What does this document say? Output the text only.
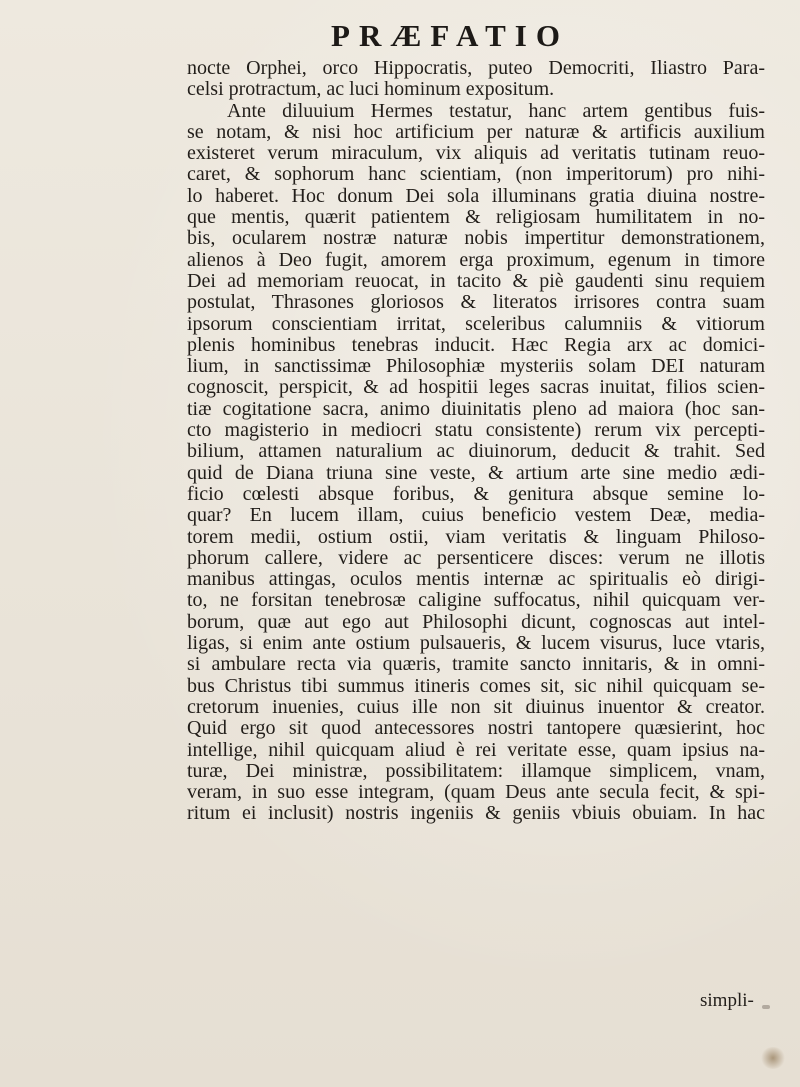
PRÆFATIO
nocte Orphei, orco Hippocratis, puteo Democriti, Iliastro Para-
celsi protractum, ac luci hominum expositum.
Ante diluuium Hermes testatur, hanc artem gentibus fuis-
se notam, & nisi hoc artificium per naturæ & artificis auxilium
existeret verum miraculum, vix aliquis ad veritatis tutinam reuo-
caret, & sophorum hanc scientiam, (non imperitorum) pro nihi-
lo haberet. Hoc donum Dei sola illuminans gratia diuina nostre-
que mentis, quærit patientem & religiosam humilitatem in no-
bis, ocularem nostræ naturæ nobis impertitur demonstrationem,
alienos à Deo fugit, amorem erga proximum, egenum in timore
Dei ad memoriam reuocat, in tacito & piè gaudenti sinu requiem
postulat, Thrasones gloriosos & literatos irrisores contra suam
ipsorum conscientiam irritat, sceleribus calumniis & vitiorum
plenis hominibus tenebras inducit. Hæc Regia arx ac domici-
lium, in sanctissimæ Philosophiæ mysteriis solam DEI naturam
cognoscit, perspicit, & ad hospitii leges sacras inuitat, filios scien-
tiæ cogitatione sacra, animo diuinitatis pleno ad maiora (hoc san-
cto magisterio in mediocri statu consistente) rerum vix percepti-
bilium, attamen naturalium ac diuinorum, deducit & trahit. Sed
quid de Diana triuna sine veste, & artium arte sine medio ædi-
ficio cœlesti absque foribus, & genitura absque semine lo-
quar? En lucem illam, cuius beneficio vestem Deæ, media-
torem medii, ostium ostii, viam veritatis & linguam Philoso-
phorum callere, videre ac persenticere disces: verum ne illotis
manibus attingas, oculos mentis internæ ac spiritualis eò dirigi-
to, ne forsitan tenebrosæ caligine suffocatus, nihil quicquam ver-
borum, quæ aut ego aut Philosophi dicunt, cognoscas aut intel-
ligas, si enim ante ostium pulsaueris, & lucem visurus, luce vtaris,
si ambulare recta via quæris, tramite sancto innitaris, & in omni-
bus Christus tibi summus itineris comes sit, sic nihil quicquam se-
cretorum inuenies, cuius ille non sit diuinus inuentor & creator.
Quid ergo sit quod antecessores nostri tantopere quæsierint, hoc
intellige, nihil quicquam aliud è rei veritate esse, quam ipsius na-
turæ, Dei ministræ, possibilitatem: illamque simplicem, vnam,
veram, in suo esse integram, (quam Deus ante secula fecit, & spi-
ritum ei inclusit) nostris ingeniis & geniis vbiuis obuiam. In hac
simpli-
